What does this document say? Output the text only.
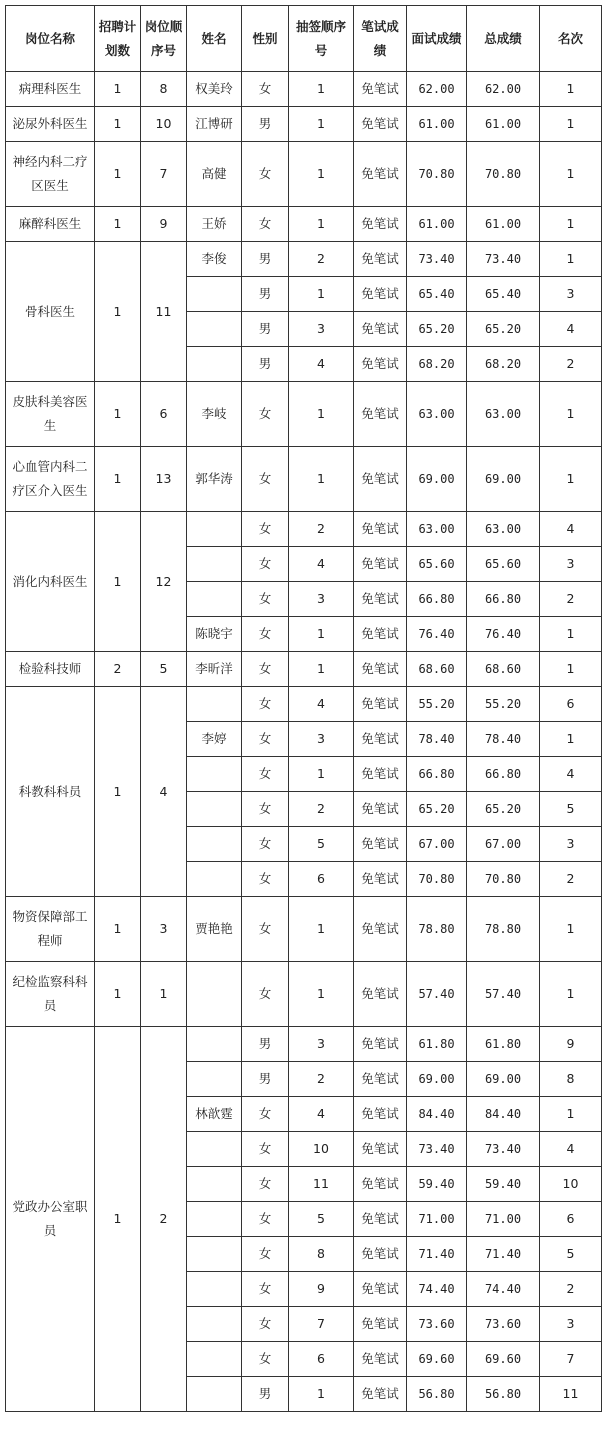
岗位名称	招聘计划数	岗位顺序号	姓名	性别	抽签顺序号	笔试成绩	面试成绩	总成绩	名次
病理科医生	1	8	权美玲	女	1	免笔试	62.00	62.00	1
泌尿外科医生	1	10	江博研	男	1	免笔试	61.00	61.00	1
神经内科二疗区医生	1	7	高健	女	1	免笔试	70.80	70.80	1
麻醉科医生	1	9	王娇	女	1	免笔试	61.00	61.00	1
骨科医生	1	11	李俊	男	2	免笔试	73.40	73.40	1
				男	1	免笔试	65.40	65.40	3
				男	3	免笔试	65.20	65.20	4
				男	4	免笔试	68.20	68.20	2
皮肤科美容医生	1	6	李岐	女	1	免笔试	63.00	63.00	1
心血管内科二疗区介入医生	1	13	郭华涛	女	1	免笔试	69.00	69.00	1
消化内科医生	1	12		女	2	免笔试	63.00	63.00	4
				女	4	免笔试	65.60	65.60	3
				女	3	免笔试	66.80	66.80	2
			陈晓宇	女	1	免笔试	76.40	76.40	1
检验科技师	2	5	李昕洋	女	1	免笔试	68.60	68.60	1
科教科科员	1	4		女	4	免笔试	55.20	55.20	6
			李婷	女	3	免笔试	78.40	78.40	1
				女	1	免笔试	66.80	66.80	4
				女	2	免笔试	65.20	65.20	5
				女	5	免笔试	67.00	67.00	3
				女	6	免笔试	70.80	70.80	2
物资保障部工程师	1	3	贾艳艳	女	1	免笔试	78.80	78.80	1
纪检监察科科员	1	1		女	1	免笔试	57.40	57.40	1
党政办公室职员	1	2		男	3	免笔试	61.80	61.80	9
				男	2	免笔试	69.00	69.00	8
			林歆霆	女	4	免笔试	84.40	84.40	1
				女	10	免笔试	73.40	73.40	4
				女	11	免笔试	59.40	59.40	10
				女	5	免笔试	71.00	71.00	6
				女	8	免笔试	71.40	71.40	5
				女	9	免笔试	74.40	74.40	2
				女	7	免笔试	73.60	73.60	3
				女	6	免笔试	69.60	69.60	7
				男	1	免笔试	56.80	56.80	11
